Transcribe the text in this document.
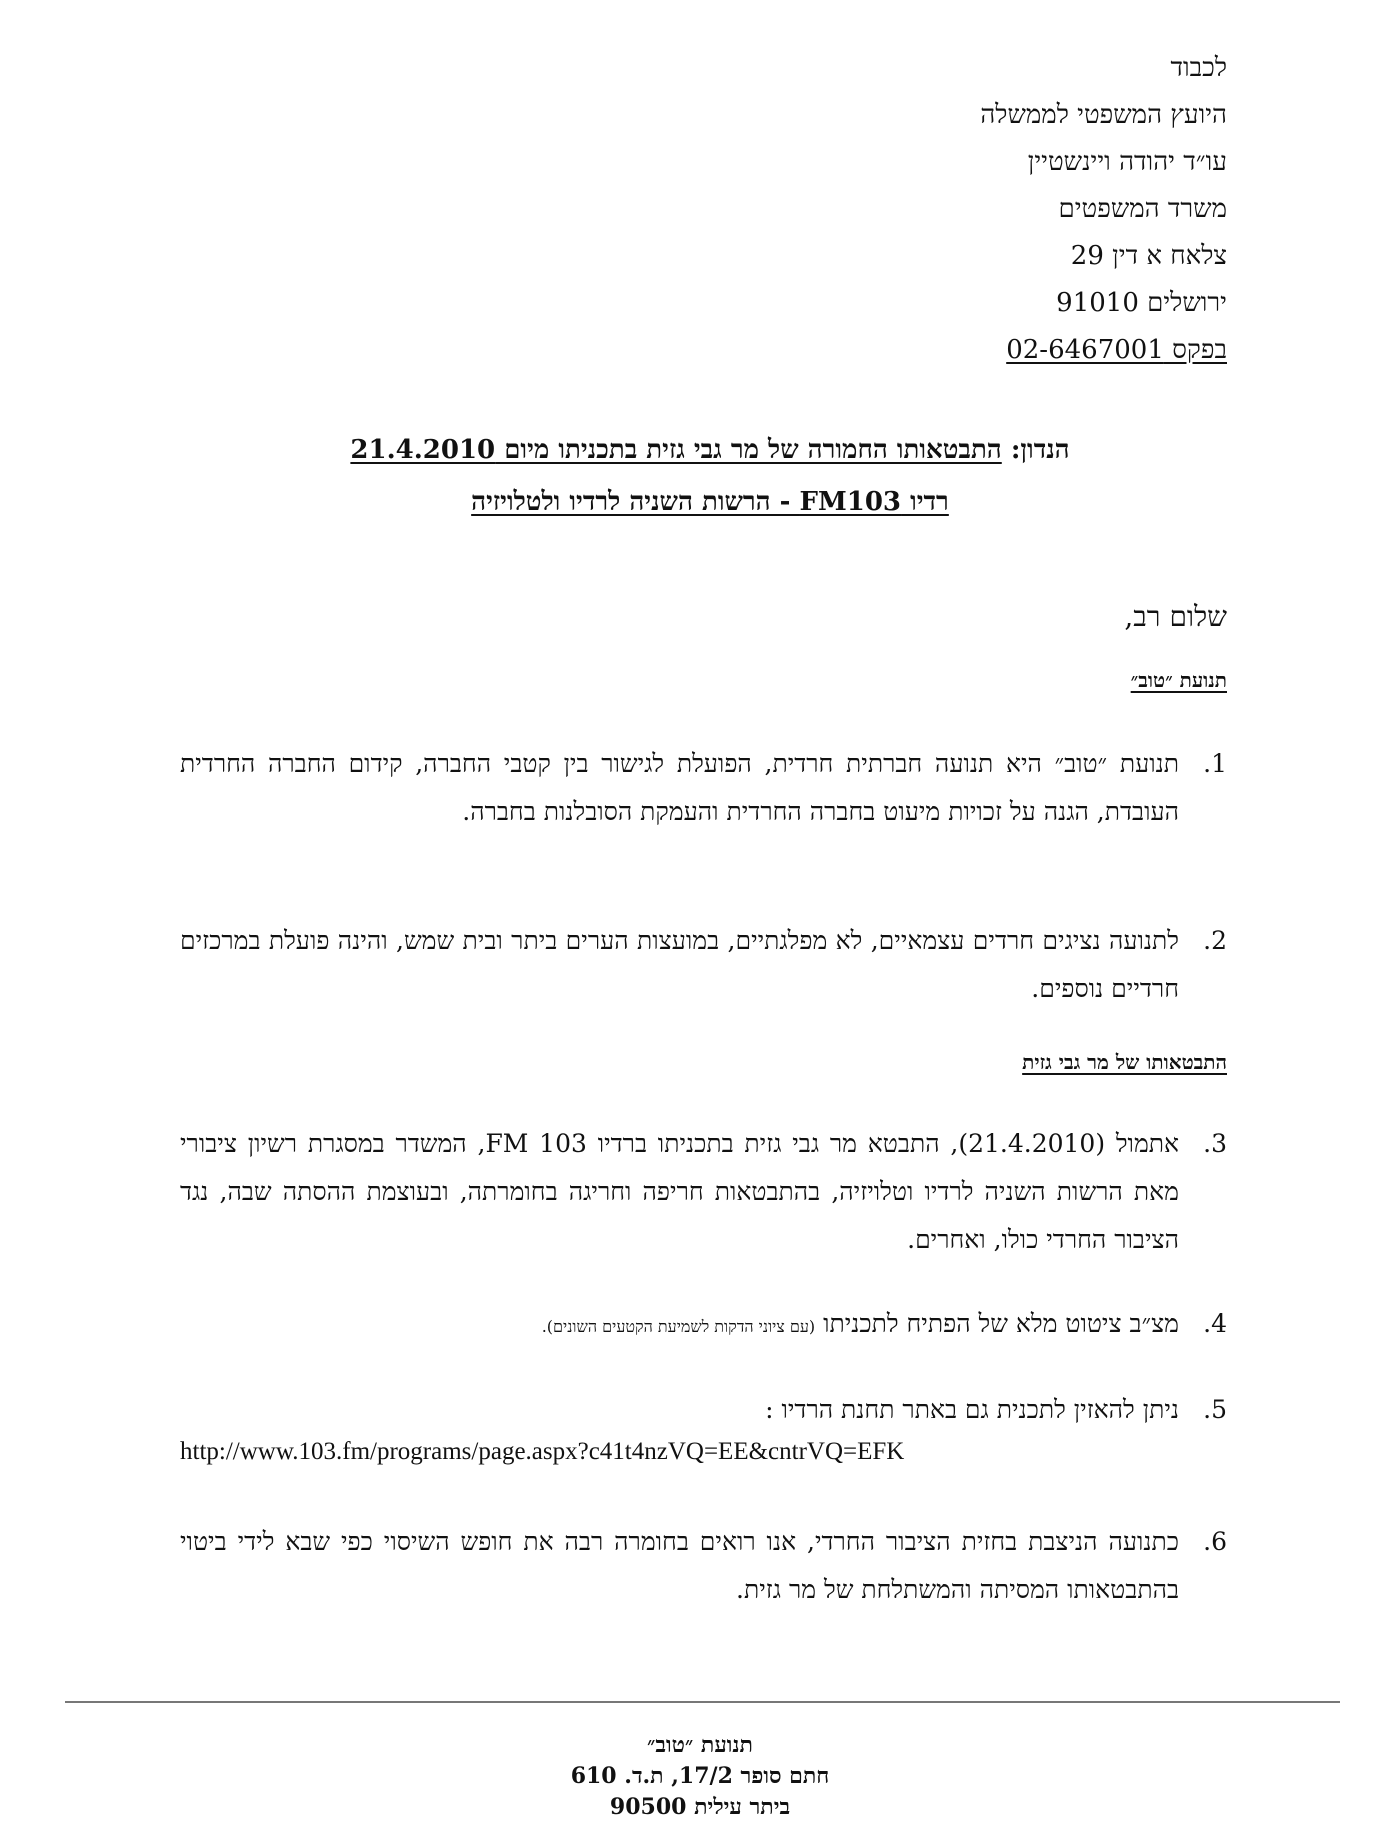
לכבוד
היועץ המשפטי לממשלה
עו״ד יהודה ויינשטיין
משרד המשפטים
צלאח א דין 29
ירושלים 91010
בפקס 02-6467001
הנדון: התבטאותו החמורה של מר גבי גזית בתכניתו מיום 21.4.2010
רדיו FM103 - הרשות השניה לרדיו ולטלויזיה
שלום רב,
תנועת ״טוב״
1.
תנועת ״טוב״ היא תנועה חברתית חרדית, הפועלת לגישור בין קטבי החברה, קידום החברה החרדית העובדת, הגנה על זכויות מיעוט בחברה החרדית והעמקת הסובלנות בחברה.
2.
לתנועה נציגים חרדים עצמאיים, לא מפלגתיים, במועצות הערים ביתר ובית שמש, והינה פועלת במרכזים חרדיים נוספים.
התבטאותו של מר גבי גזית
3.
אתמול (21.4.2010), התבטא מר גבי גזית בתכניתו ברדיו FM 103, המשדר במסגרת רשיון ציבורי מאת הרשות השניה לרדיו וטלויזיה, בהתבטאות חריפה וחריגה בחומרתה, ובעוצמת ההסתה שבה, נגד הציבור החרדי כולו, ואחרים.
4.
מצ״ב ציטוט מלא של הפתיח לתכניתו (עם ציוני הדקות לשמיעת הקטעים השונים).
5.
ניתן להאזין לתכנית גם באתר תחנת הרדיו :
http://www.103.fm/programs/page.aspx?c41t4nzVQ=EE&cntrVQ=EFK
6.
כתנועה הניצבת בחזית הציבור החרדי, אנו רואים בחומרה רבה את חופש השיסוי כפי שבא לידי ביטוי בהתבטאותו המסיתה והמשתלחת של מר גזית.
תנועת ״טוב״
חתם סופר 17/2, ת.ד. 610
ביתר עילית 90500
